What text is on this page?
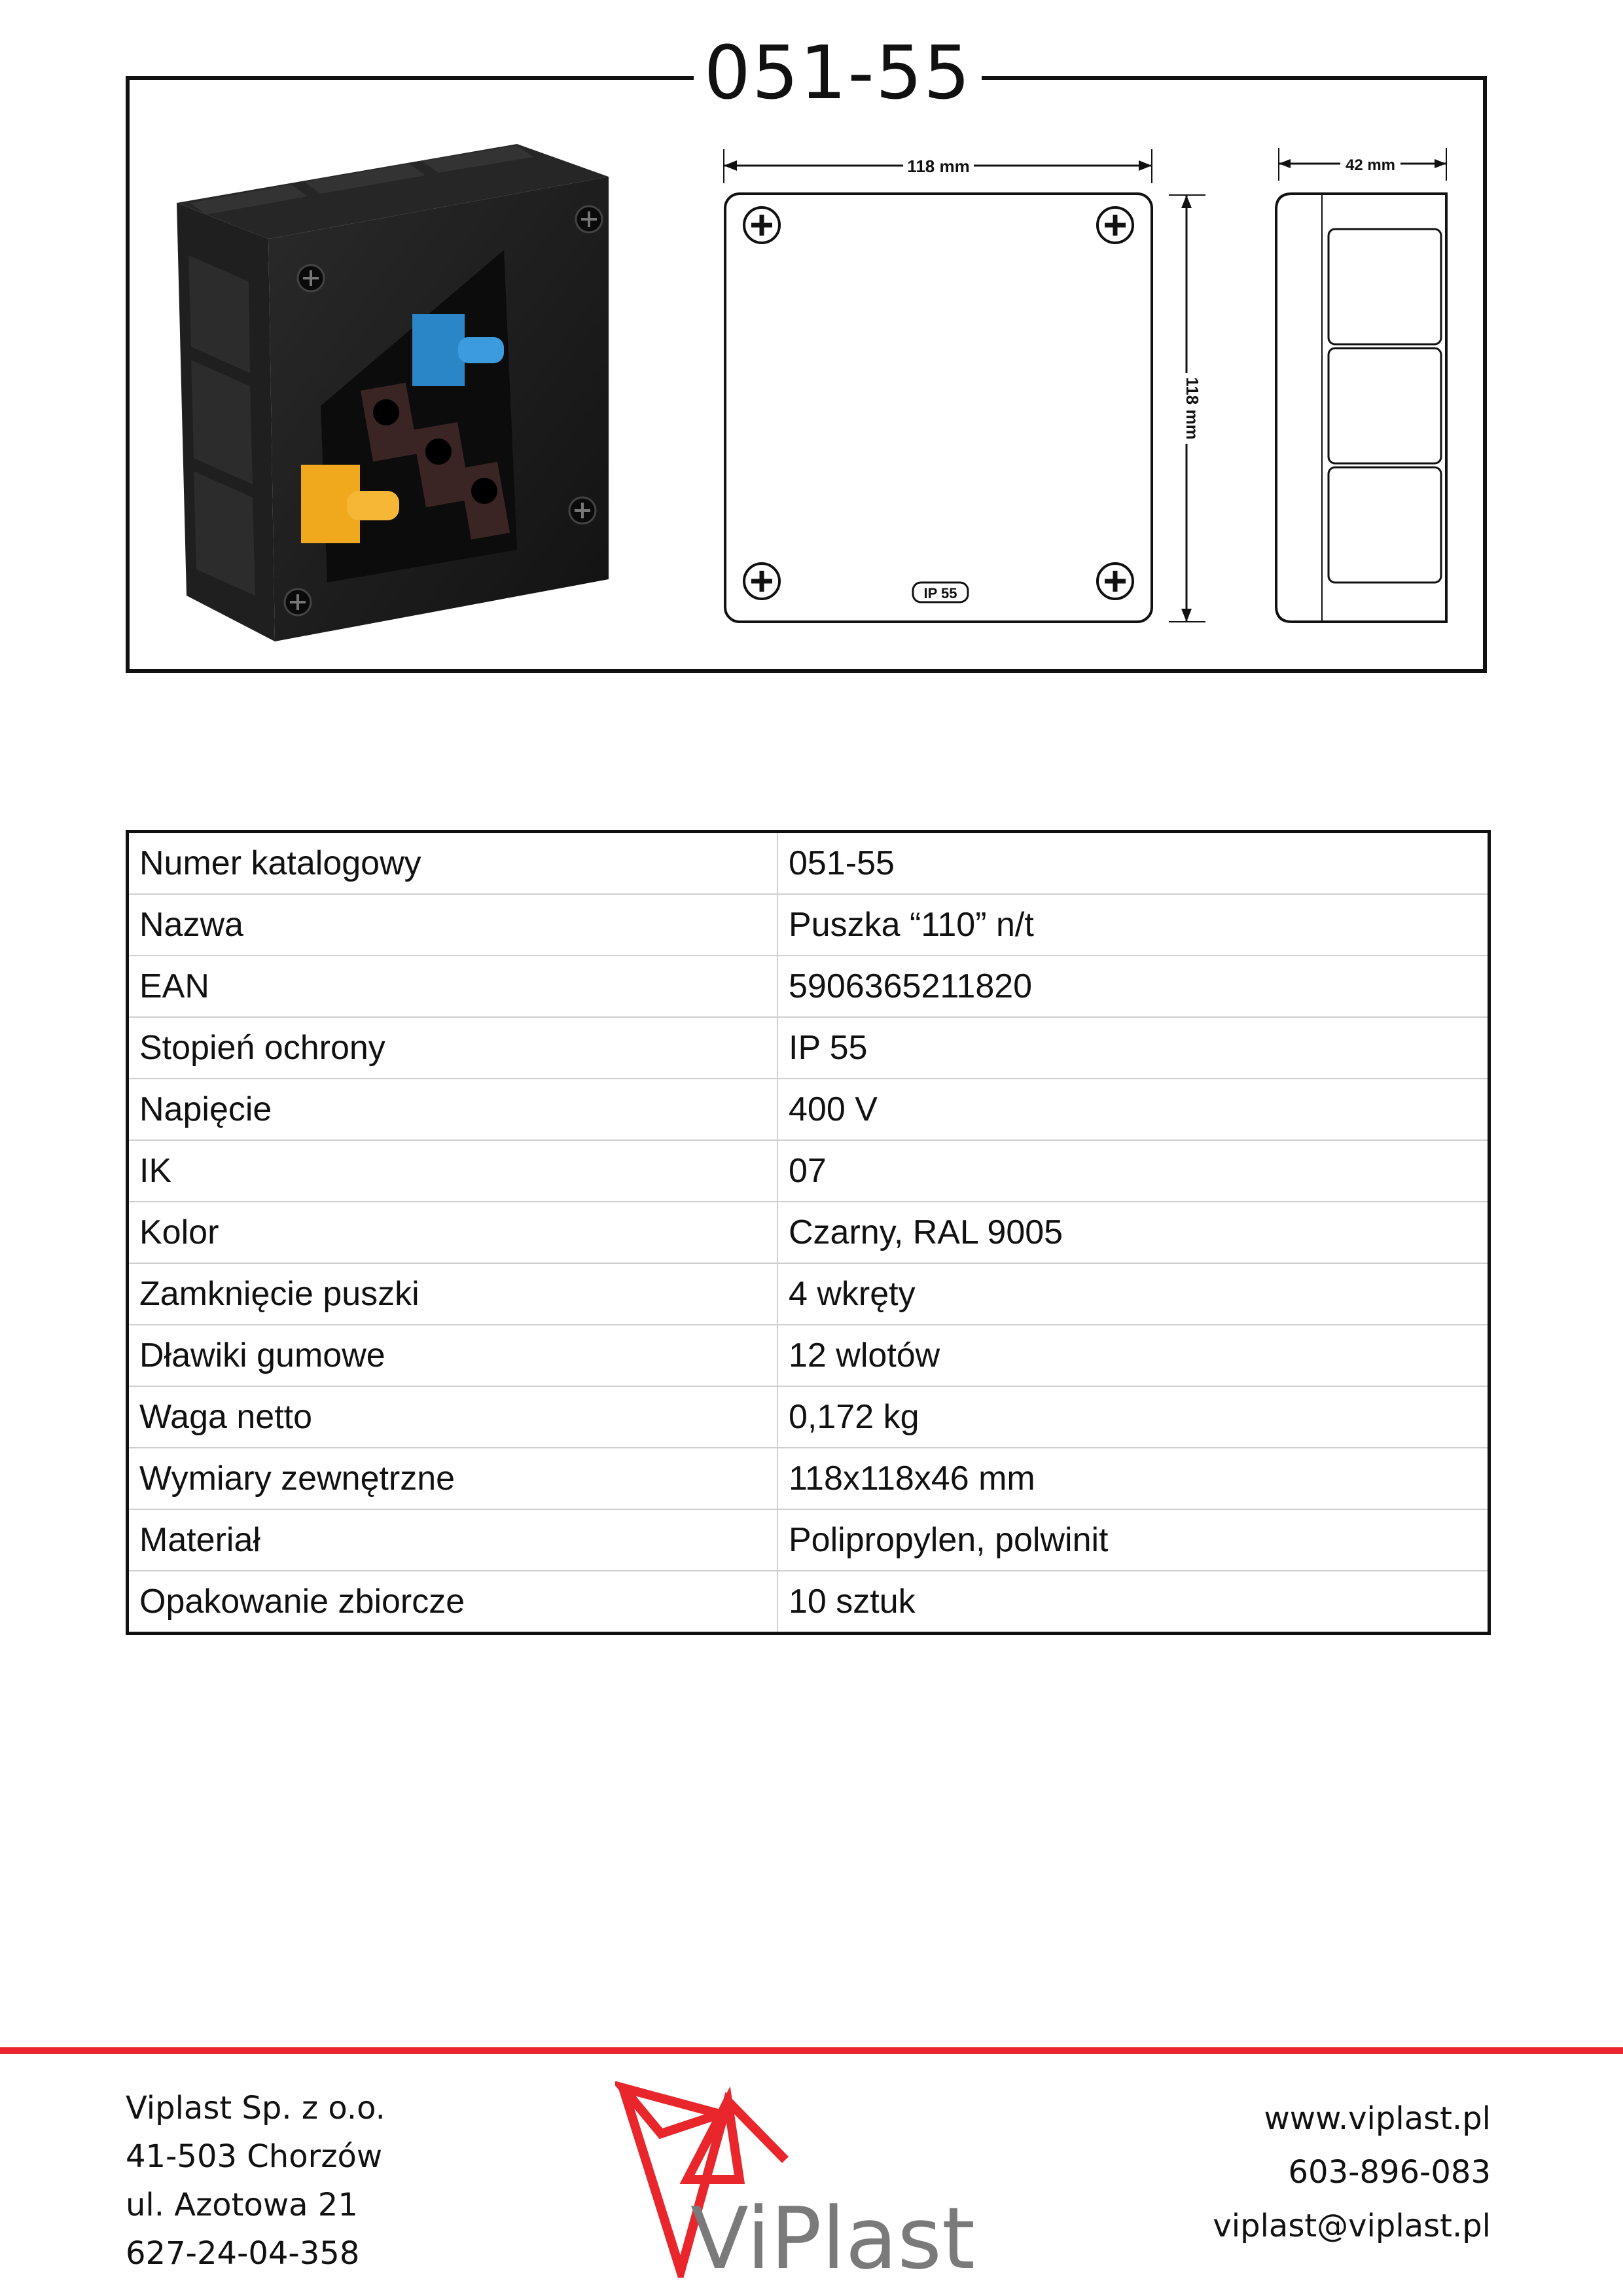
051-55
118 mm
IP 55
118 mm
42 mm
Numer katalogowy	051-55
Nazwa	Puszka “110” n/t
EAN	5906365211820
Stopień ochrony	IP 55
Napięcie	400 V
IK	07
Kolor	Czarny, RAL 9005
Zamknięcie puszki	4 wkręty
Dławiki gumowe	12 wlotów
Waga netto	0,172 kg
Wymiary zewnętrzne	118x118x46 mm
Materiał	Polipropylen, polwinit
Opakowanie zbiorcze	10 sztuk
Viplast Sp. z o.o.
41-503 Chorzów
ul. Azotowa 21
627-24-04-358	ViPlast
www.viplast.pl
603-896-083
viplast@viplast.pl
